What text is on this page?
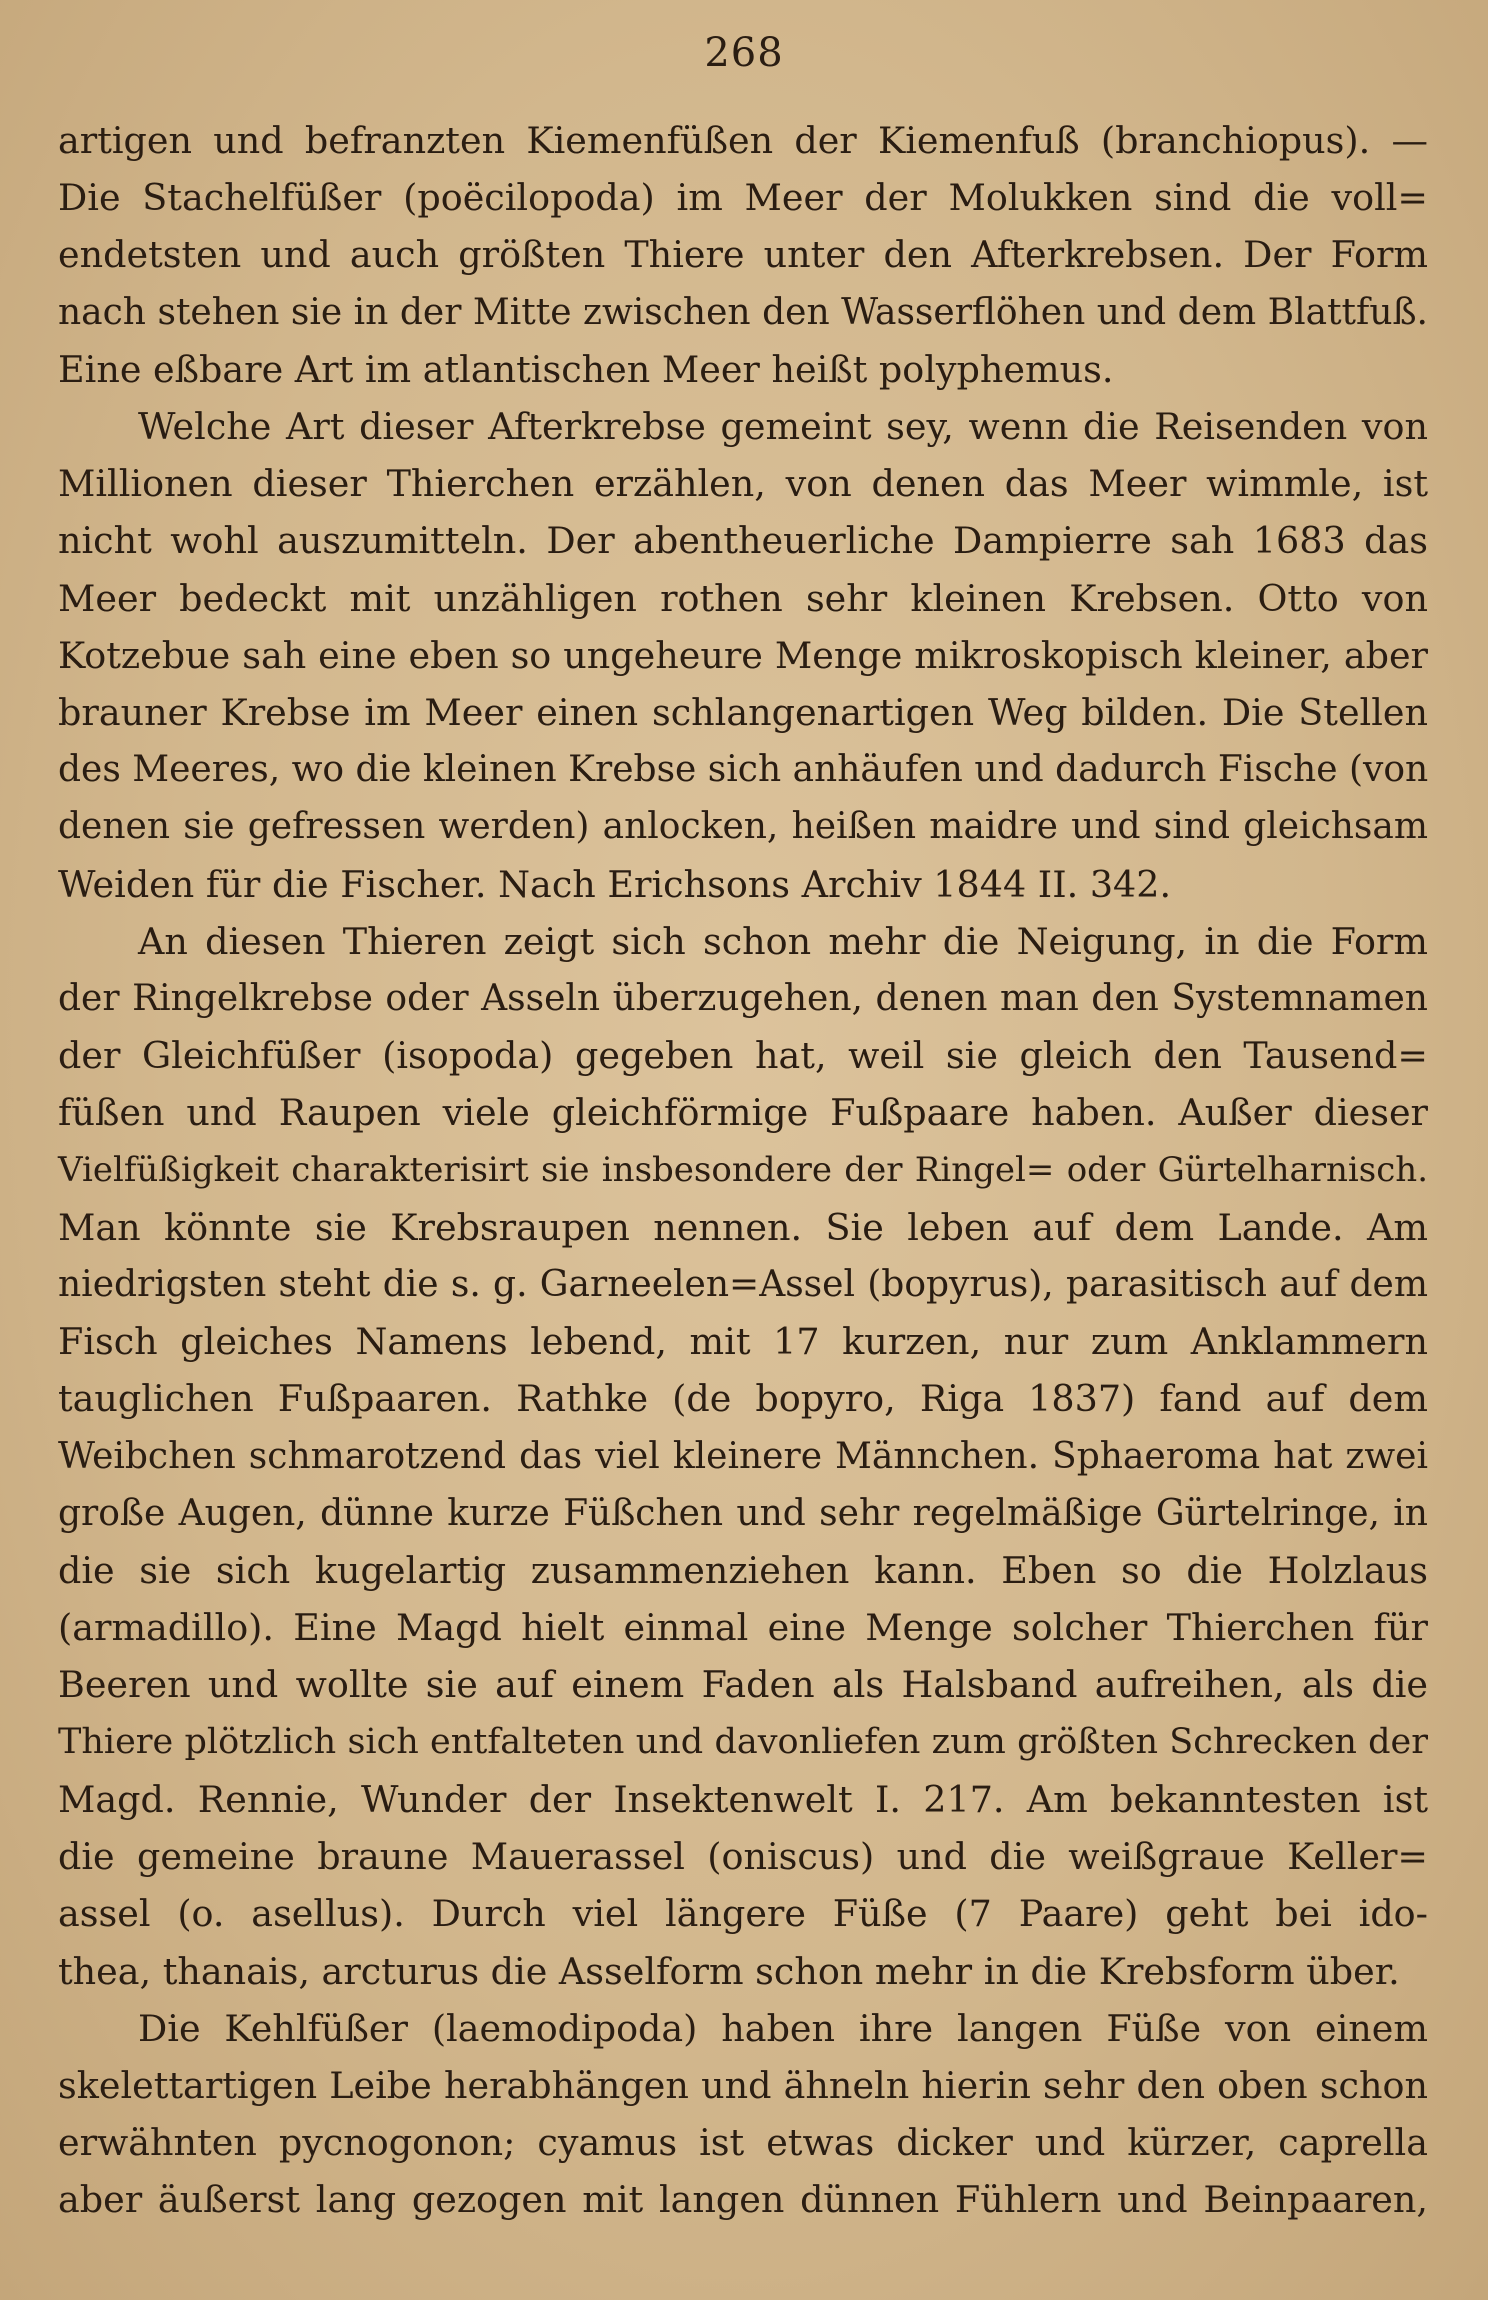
268

artigen und befranzten Kiemenfüßen der Kiemenfuß (branchiopus). —
Die Stachelfüßer (poëcilopoda) im Meer der Molukken sind die voll=
endetsten und auch größten Thiere unter den Afterkrebsen. Der Form
nach stehen sie in der Mitte zwischen den Wasserflöhen und dem Blattfuß.
Eine eßbare Art im atlantischen Meer heißt polyphemus.

Welche Art dieser Afterkrebse gemeint sey, wenn die Reisenden von
Millionen dieser Thierchen erzählen, von denen das Meer wimmle, ist
nicht wohl auszumitteln. Der abentheuerliche Dampierre sah 1683 das
Meer bedeckt mit unzähligen rothen sehr kleinen Krebsen. Otto von
Kotzebue sah eine eben so ungeheure Menge mikroskopisch kleiner, aber
brauner Krebse im Meer einen schlangenartigen Weg bilden. Die Stellen
des Meeres, wo die kleinen Krebse sich anhäufen und dadurch Fische (von
denen sie gefressen werden) anlocken, heißen maidre und sind gleichsam
Weiden für die Fischer. Nach Erichsons Archiv 1844 II. 342.

An diesen Thieren zeigt sich schon mehr die Neigung, in die Form
der Ringelkrebse oder Asseln überzugehen, denen man den Systemnamen
der Gleichfüßer (isopoda) gegeben hat, weil sie gleich den Tausend=
füßen und Raupen viele gleichförmige Fußpaare haben. Außer dieser
Vielfüßigkeit charakterisirt sie insbesondere der Ringel= oder Gürtelharnisch.
Man könnte sie Krebsraupen nennen. Sie leben auf dem Lande. Am
niedrigsten steht die s. g. Garneelen=Assel (bopyrus), parasitisch auf dem
Fisch gleiches Namens lebend, mit 17 kurzen, nur zum Anklammern
tauglichen Fußpaaren. Rathke (de bopyro, Riga 1837) fand auf dem
Weibchen schmarotzend das viel kleinere Männchen. Sphaeroma hat zwei
große Augen, dünne kurze Füßchen und sehr regelmäßige Gürtelringe, in
die sie sich kugelartig zusammenziehen kann. Eben so die Holzlaus
(armadillo). Eine Magd hielt einmal eine Menge solcher Thierchen für
Beeren und wollte sie auf einem Faden als Halsband aufreihen, als die
Thiere plötzlich sich entfalteten und davonliefen zum größten Schrecken der
Magd. Rennie, Wunder der Insektenwelt I. 217. Am bekanntesten ist
die gemeine braune Mauerassel (oniscus) und die weißgraue Keller=
assel (o. asellus). Durch viel längere Füße (7 Paare) geht bei ido-
thea, thanais, arcturus die Asselform schon mehr in die Krebsform über.

Die Kehlfüßer (laemodipoda) haben ihre langen Füße von einem
skelettartigen Leibe herabhängen und ähneln hierin sehr den oben schon
erwähnten pycnogonon; cyamus ist etwas dicker und kürzer, caprella
aber äußerst lang gezogen mit langen dünnen Fühlern und Beinpaaren,
